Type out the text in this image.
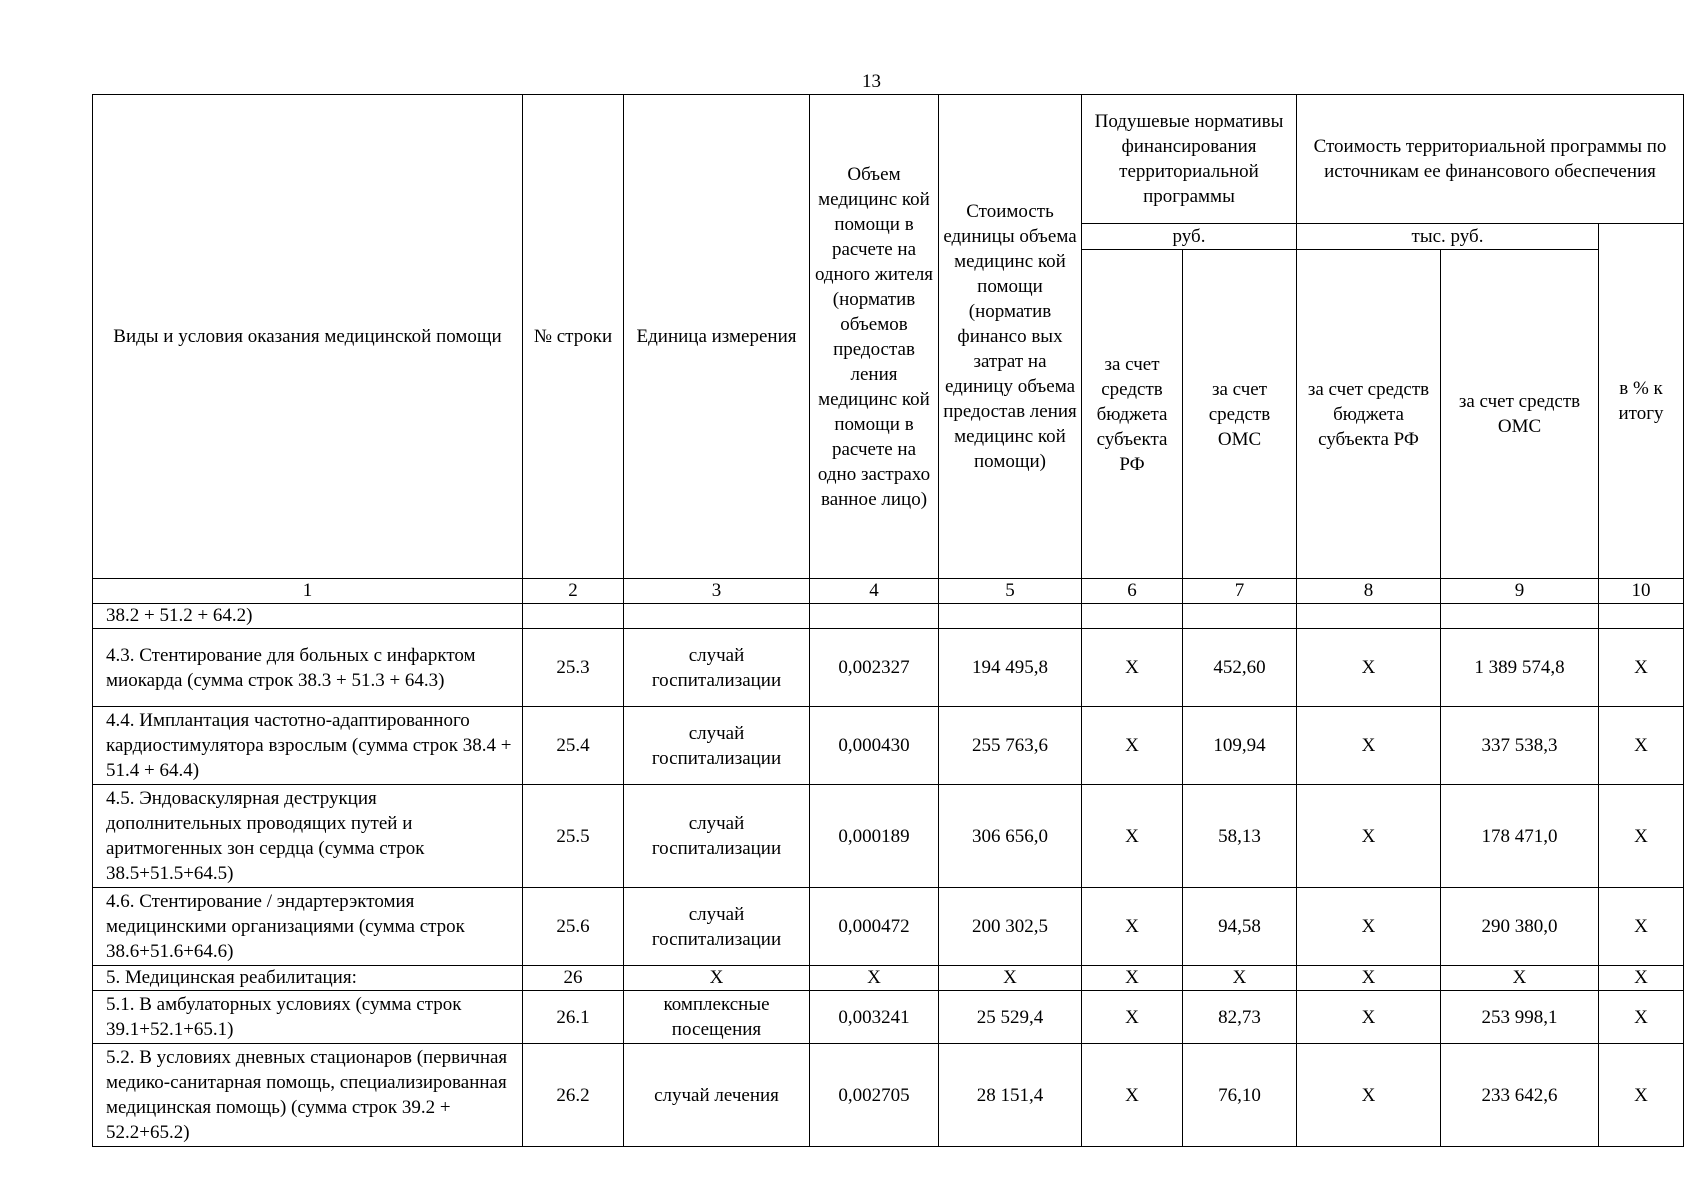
13
Виды и условия оказания медицинской помощи	№ строки	Единица измерения	Объем медицинс кой помощи в расчете на одного жителя (норматив объемов предостав ления медицинс кой помощи в расчете на одно застрахо ванное лицо)	Стоимость единицы объема медицинс кой помощи (норматив финансо вых затрат на единицу объема предостав ления медицинс кой помощи)	Подушевые нормативы финансирования территориальной программы		Стоимость территориальной программы по источникам ее финансового обеспечения		
					руб.		тыс. руб.		в % к итогу
					за счет средств бюджета субъекта РФ	за счет средств ОМС	за счет средств бюджета субъекта РФ	за счет средств ОМС	
1	2	3	4	5	6	7	8	9	10
38.2 + 51.2 + 64.2)									
4.3. Стентирование для больных с инфарктом миокарда (сумма строк 38.3 + 51.3 + 64.3)	25.3	случай госпитализации	0,002327	194 495,8	Х	452,60	Х	1 389 574,8	Х
4.4. Имплантация частотно-адаптированного кардиостимулятора взрослым (сумма строк 38.4 + 51.4 + 64.4)	25.4	случай госпитализации	0,000430	255 763,6	Х	109,94	Х	337 538,3	Х
4.5. Эндоваскулярная деструкция дополнительных проводящих путей и аритмогенных зон сердца (сумма строк 38.5+51.5+64.5)	25.5	случай госпитализации	0,000189	306 656,0	Х	58,13	Х	178 471,0	Х
4.6. Стентирование / эндартерэктомия медицинскими организациями (сумма строк 38.6+51.6+64.6)	25.6	случай госпитализации	0,000472	200 302,5	Х	94,58	Х	290 380,0	Х
5. Медицинская реабилитация:	26	Х	Х	Х	Х	Х	Х	Х	Х
5.1. В амбулаторных условиях (сумма строк 39.1+52.1+65.1)	26.1	комплексные посещения	0,003241	25 529,4	Х	82,73	Х	253 998,1	Х
5.2. В условиях дневных стационаров (первичная медико-санитарная помощь, специализированная медицинская помощь) (сумма строк 39.2 + 52.2+65.2)	26.2	случай лечения	0,002705	28 151,4	Х	76,10	Х	233 642,6	Х
